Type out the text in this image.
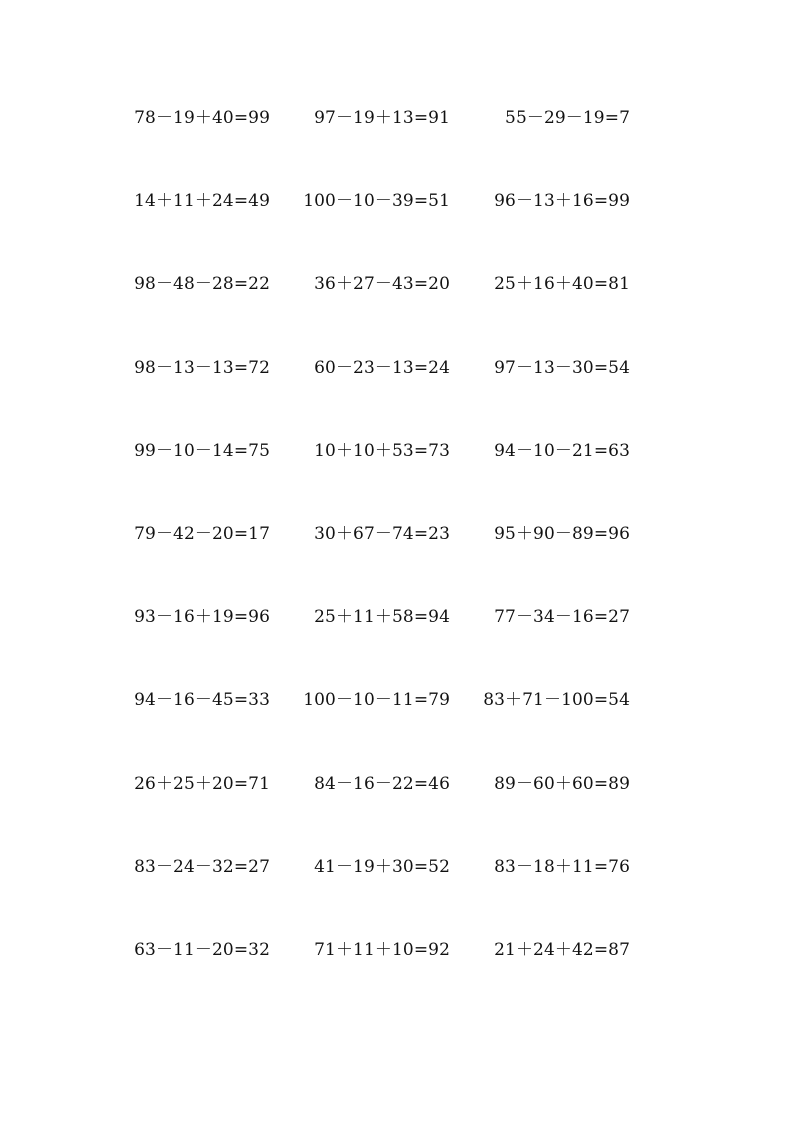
78－19＋40=99	97－19＋13=91	55－29－19=7
14＋11＋24=49	100－10－39=51	96－13＋16=99
98－48－28=22	36＋27－43=20	25＋16＋40=81
98－13－13=72	60－23－13=24	97－13－30=54
99－10－14=75	10＋10＋53=73	94－10－21=63
79－42－20=17	30＋67－74=23	95＋90－89=96
93－16＋19=96	25＋11＋58=94	77－34－16=27
94－16－45=33	100－10－11=79	83＋71－100=54
26＋25＋20=71	84－16－22=46	89－60＋60=89
83－24－32=27	41－19＋30=52	83－18＋11=76
63－11－20=32	71＋11＋10=92	21＋24＋42=87
